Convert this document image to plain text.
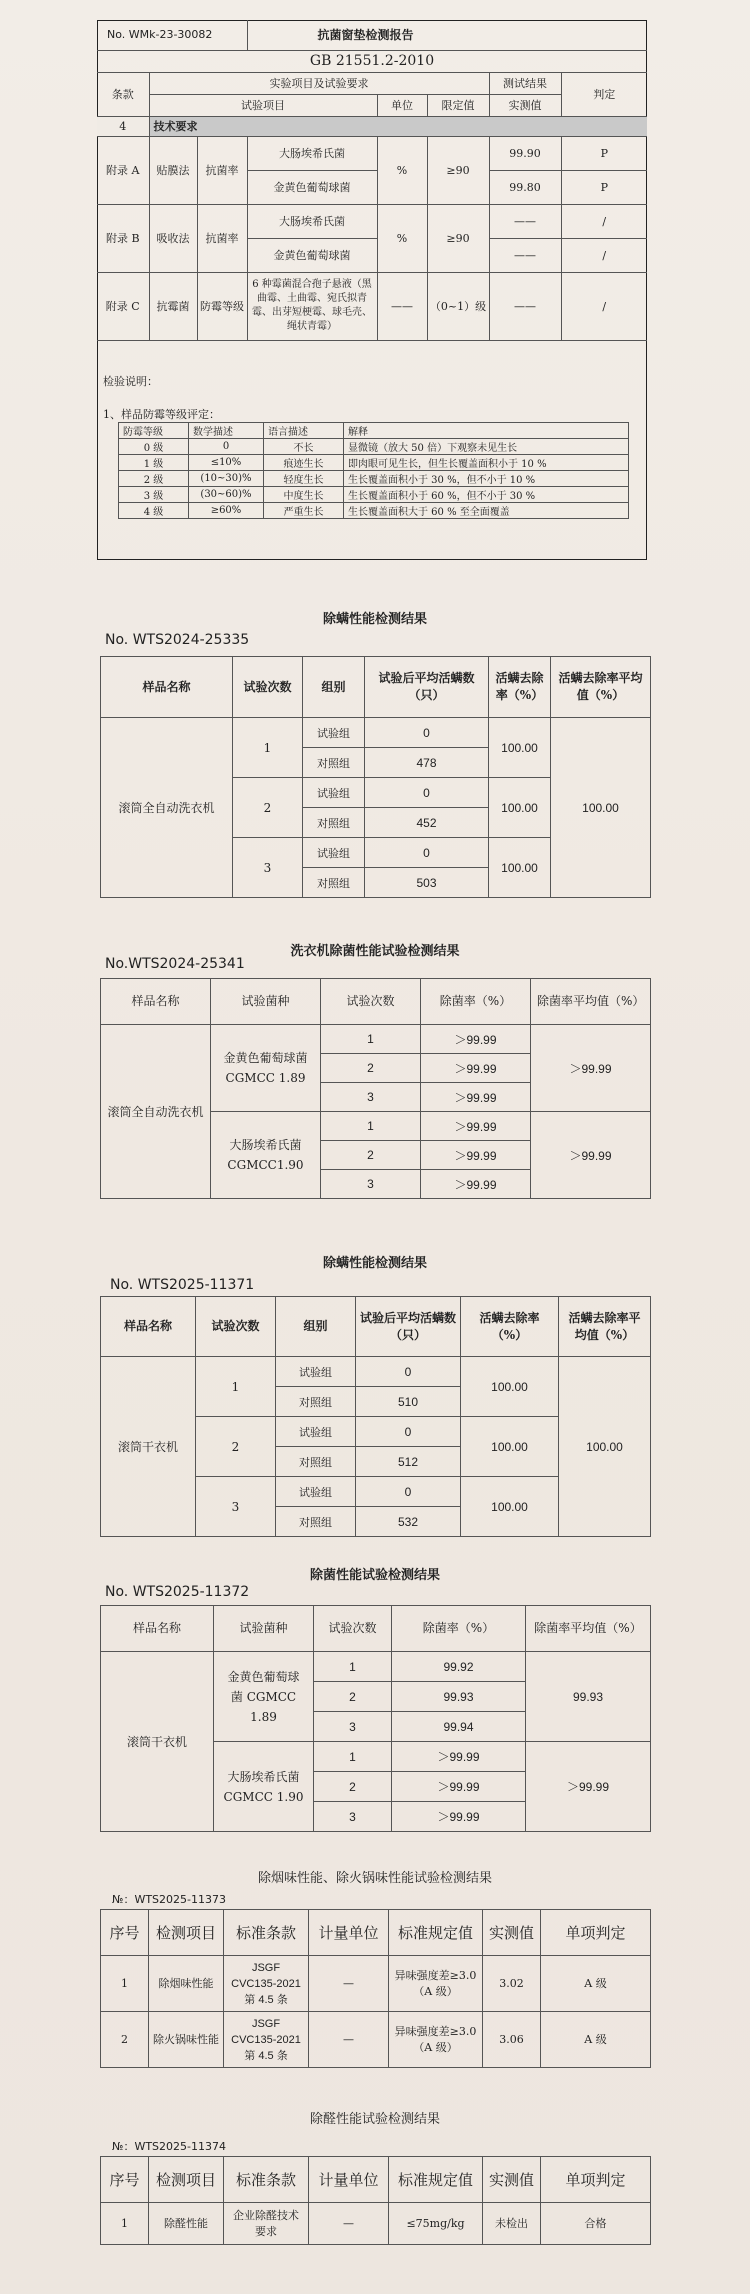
No. WMk-23-30082			抗菌窗垫检测报告				
GB 21551.2-2010							
条款	实验项目及试验要求					测试结果	判定
	试验项目			单位	限定值	实测值	
4	技术要求						
附录 A	贴膜法	抗菌率	大肠埃希氏菌	%	≥90	99.90	P
			金黄色葡萄球菌			99.80	P
附录 B	吸收法	抗菌率	大肠埃希氏菌	%	≥90	——	/
			金黄色葡萄球菌			——	/
附录 C	抗霉菌	防霉等级	6 种霉菌混合孢子悬液（黑曲霉、土曲霉、宛氏拟青霉、出芽短梗霉、球毛壳、绳状青霉）	——	（0~1）级	——	/
检验说明：
1、样品防霉等级评定：
防霉等级	数学描述	语言描述	解释
0 级	0	不长	显微镜（放大 50 倍）下观察未见生长
1 级	≤10%	痕迹生长	即肉眼可见生长，但生长覆盖面积小于 10 %
2 级	(10~30)%	轻度生长	生长覆盖面积小于 30 %，但不小于 10 %
3 级	(30~60)%	中度生长	生长覆盖面积小于 60 %，但不小于 30 %
4 级	≥60%	严重生长	生长覆盖面积大于 60 % 至全面覆盖
除螨性能检测结果
No. WTS2024-25335
样品名称	试验次数	组别	试验后平均活螨数（只）	活螨去除率（%）	活螨去除率平均值（%）
滚筒全自动洗衣机	1	试验组	0	100.00	100.00
		对照组	478		
	2	试验组	0	100.00	
		对照组	452		
	3	试验组	0	100.00	
		对照组	503		
洗衣机除菌性能试验检测结果
No.WTS2024-25341
样品名称	试验菌种	试验次数	除菌率（%）	除菌率平均值（%）
滚筒全自动洗衣机	金黄色葡萄球菌 CGMCC 1.89	1	＞99.99	＞99.99
		2	＞99.99	
		3	＞99.99	
	大肠埃希氏菌 CGMCC1.90	1	＞99.99	＞99.99
		2	＞99.99	
		3	＞99.99	
除螨性能检测结果
No. WTS2025-11371
样品名称	试验次数	组别	试验后平均活螨数（只）	活螨去除率（%）	活螨去除率平均值（%）
滚筒干衣机	1	试验组	0	100.00	100.00
		对照组	510		
	2	试验组	0	100.00	
		对照组	512		
	3	试验组	0	100.00	
		对照组	532		
除菌性能试验检测结果
No. WTS2025-11372
样品名称	试验菌种	试验次数	除菌率（%）	除菌率平均值（%）
滚筒干衣机	金黄色葡萄球菌 CGMCC 1.89	1	99.92	99.93
		2	99.93	
		3	99.94	
	大肠埃希氏菌 CGMCC 1.90	1	＞99.99	＞99.99
		2	＞99.99	
		3	＞99.99	
除烟味性能、除火锅味性能试验检测结果
№：WTS2025-11373
序号	检测项目	标准条款	计量单位	标准规定值	实测值	单项判定
1	除烟味性能	JSGF CVC135-2021 第 4.5 条	—	异味强度差≥3.0（A 级）	3.02	A 级
2	除火锅味性能	JSGF CVC135-2021 第 4.5 条	—	异味强度差≥3.0（A 级）	3.06	A 级
除醛性能试验检测结果
№：WTS2025-11374
序号	检测项目	标准条款	计量单位	标准规定值	实测值	单项判定
1	除醛性能	企业除醛技术要求	—	≤75mg/kg	未检出	合格
